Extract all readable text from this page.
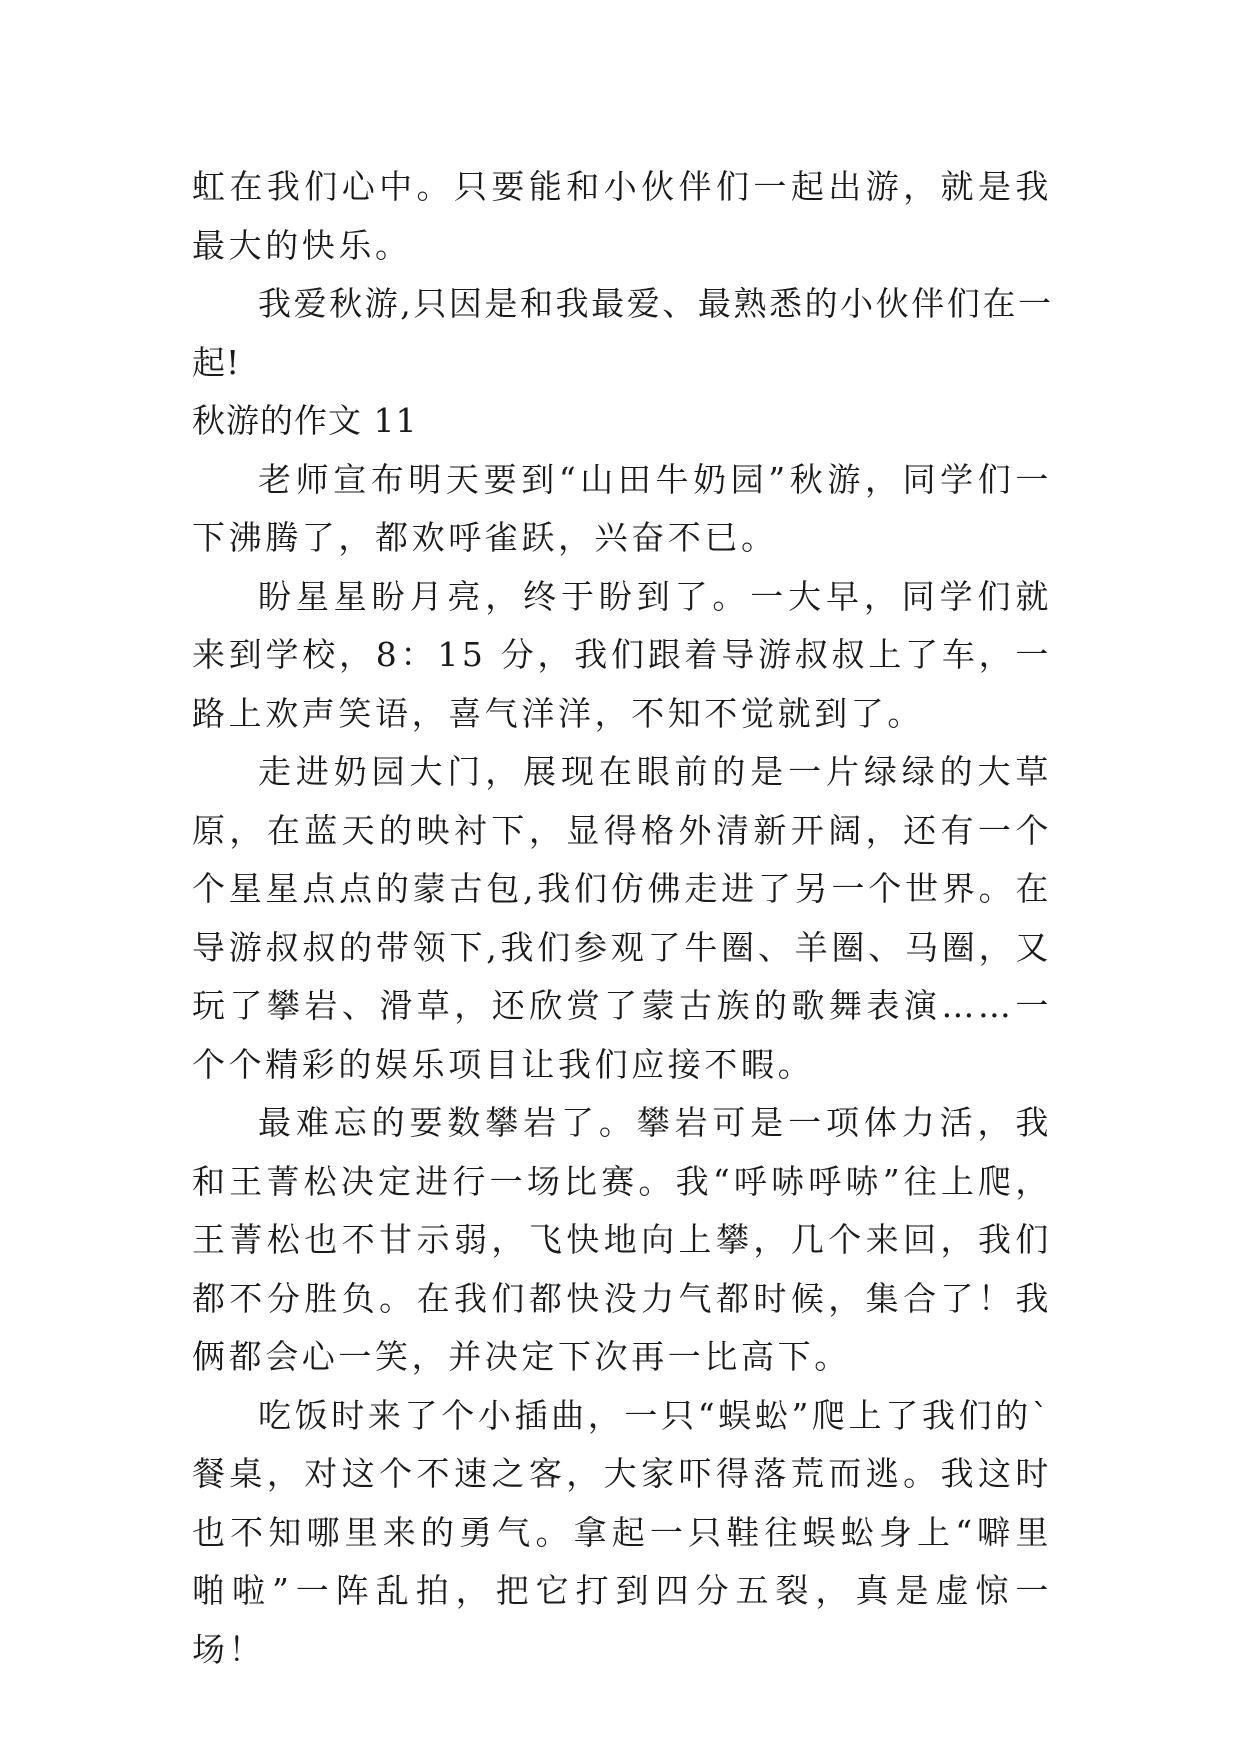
虹在我们心中。只要能和小伙伴们一起出游，就是我最大的快乐。

我爱秋游,只因是和我最爱、最熟悉的小伙伴们在一起!

秋游的作文 11

老师宣布明天要到“山田牛奶园”秋游，同学们一下沸腾了，都欢呼雀跃，兴奋不已。

盼星星盼月亮，终于盼到了。一大早，同学们就来到学校，8：15 分，我们跟着导游叔叔上了车，一路上欢声笑语，喜气洋洋，不知不觉就到了。

走进奶园大门，展现在眼前的是一片绿绿的大草原，在蓝天的映衬下，显得格外清新开阔，还有一个个星星点点的蒙古包,我们仿佛走进了另一个世界。在导游叔叔的带领下,我们参观了牛圈、羊圈、马圈，又玩了攀岩、滑草，还欣赏了蒙古族的歌舞表演……一个个精彩的娱乐项目让我们应接不暇。

最难忘的要数攀岩了。攀岩可是一项体力活，我和王菁松决定进行一场比赛。我“呼哧呼哧”往上爬，王菁松也不甘示弱，飞快地向上攀，几个来回，我们都不分胜负。在我们都快没力气都时候，集合了！我俩都会心一笑，并决定下次再一比高下。

吃饭时来了个小插曲，一只“蜈蚣”爬上了我们的`餐桌，对这个不速之客，大家吓得落荒而逃。我这时也不知哪里来的勇气。拿起一只鞋往蜈蚣身上“噼里啪啦”一阵乱拍，把它打到四分五裂，真是虚惊一场！
